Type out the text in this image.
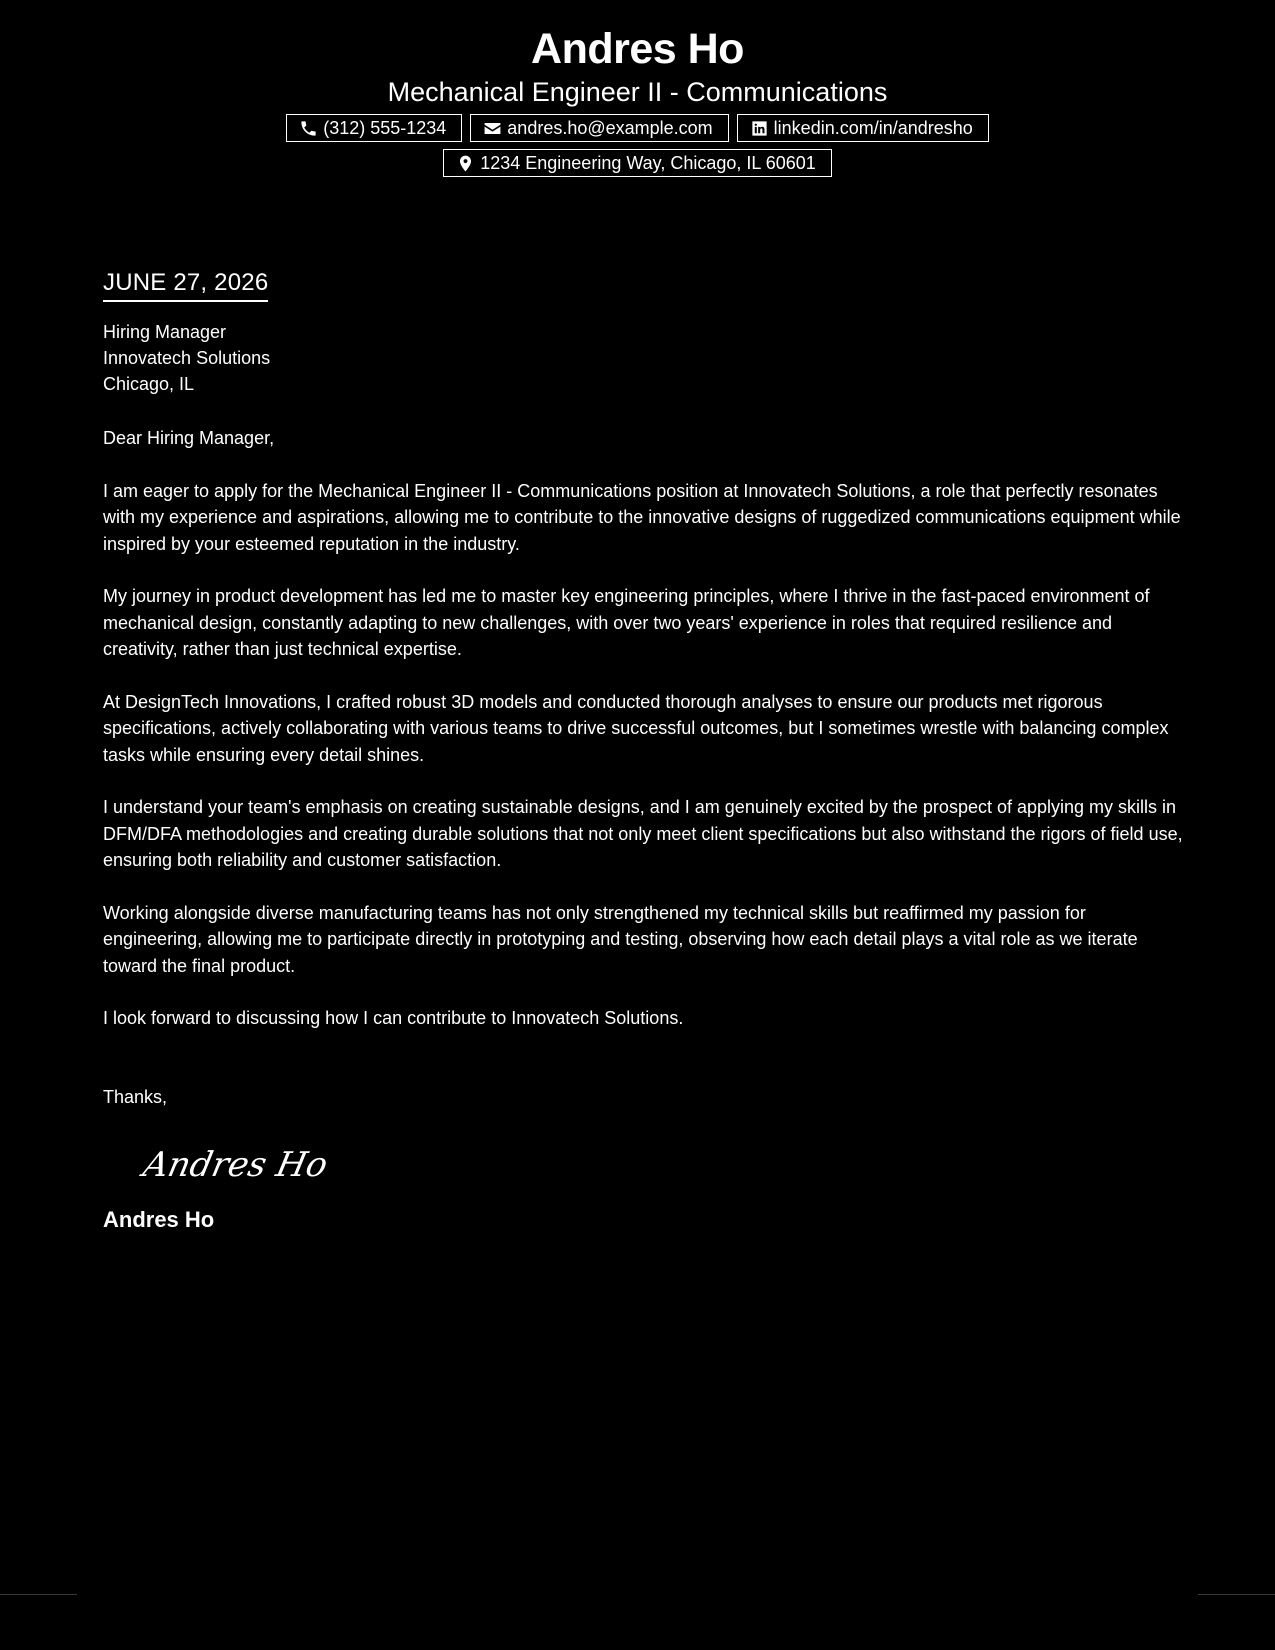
Andres Ho
Mechanical Engineer II - Communications
(312) 555-1234	andres.ho@example.com	linkedin.com/in/andresho
1234 Engineering Way, Chicago, IL 60601
JUNE 27, 2026
Hiring Manager
Innovatech Solutions
Chicago, IL
Dear Hiring Manager,
I am eager to apply for the Mechanical Engineer II - Communications position at Innovatech Solutions, a role that perfectly resonates with my experience and aspirations, allowing me to contribute to the innovative designs of ruggedized communications equipment while inspired by your esteemed reputation in the industry.
My journey in product development has led me to master key engineering principles, where I thrive in the fast-paced environment of mechanical design, constantly adapting to new challenges, with over two years' experience in roles that required resilience and creativity, rather than just technical expertise.
At DesignTech Innovations, I crafted robust 3D models and conducted thorough analyses to ensure our products met rigorous specifications, actively collaborating with various teams to drive successful outcomes, but I sometimes wrestle with balancing complex tasks while ensuring every detail shines.
I understand your team's emphasis on creating sustainable designs, and I am genuinely excited by the prospect of applying my skills in DFM/DFA methodologies and creating durable solutions that not only meet client specifications but also withstand the rigors of field use, ensuring both reliability and customer satisfaction.
Working alongside diverse manufacturing teams has not only strengthened my technical skills but reaffirmed my passion for engineering, allowing me to participate directly in prototyping and testing, observing how each detail plays a vital role as we iterate toward the final product.
I look forward to discussing how I can contribute to Innovatech Solutions.
Thanks,
Andres Ho
Andres Ho
